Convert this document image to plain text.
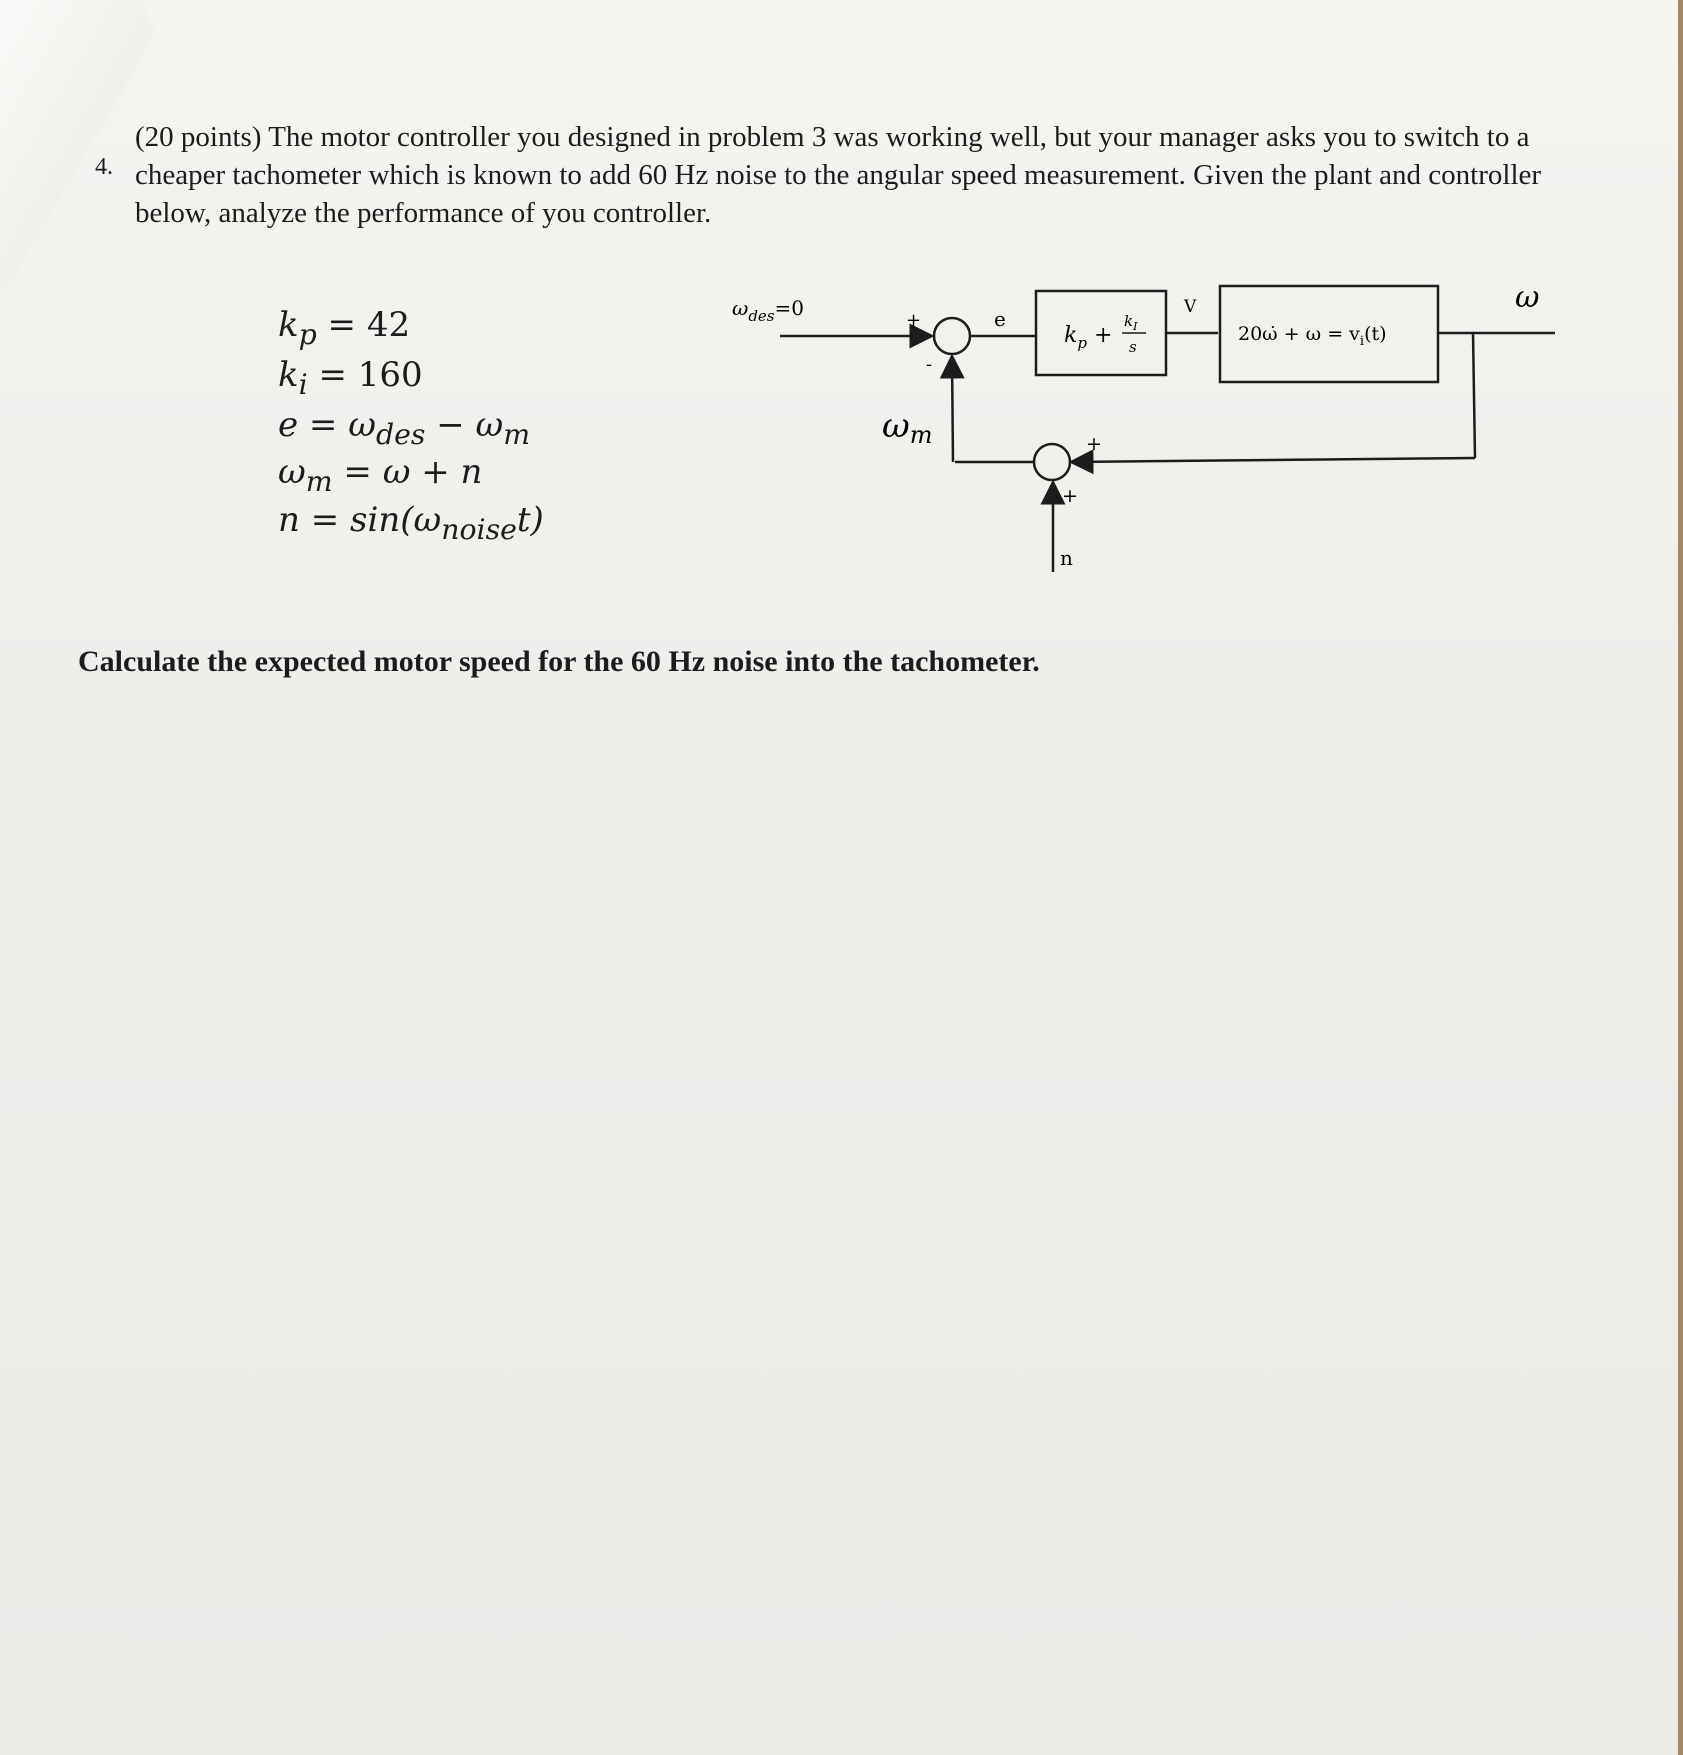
4.
(20 points) The motor controller you designed in problem 3 was working well, but your manager asks you to switch to a cheaper tachometer which is known to add 60 Hz noise to the angular speed measurement. Given the plant and controller below, analyze the performance of you controller.
$k_p = 42$
$k_i = 160$
$e = \omega_{des} - \omega_m$
$\omega_m = \omega + n$
$n = \sin(\omega_{noise}t)$
$\omega_{des}=0$
+
-
e
$k_p$ +
$k_I$
s
V
20ω̇ + $\omega = v_i(t)$
ω
+
+
n
ωm
Calculate the expected motor speed for the 60 Hz noise into the tachometer.
